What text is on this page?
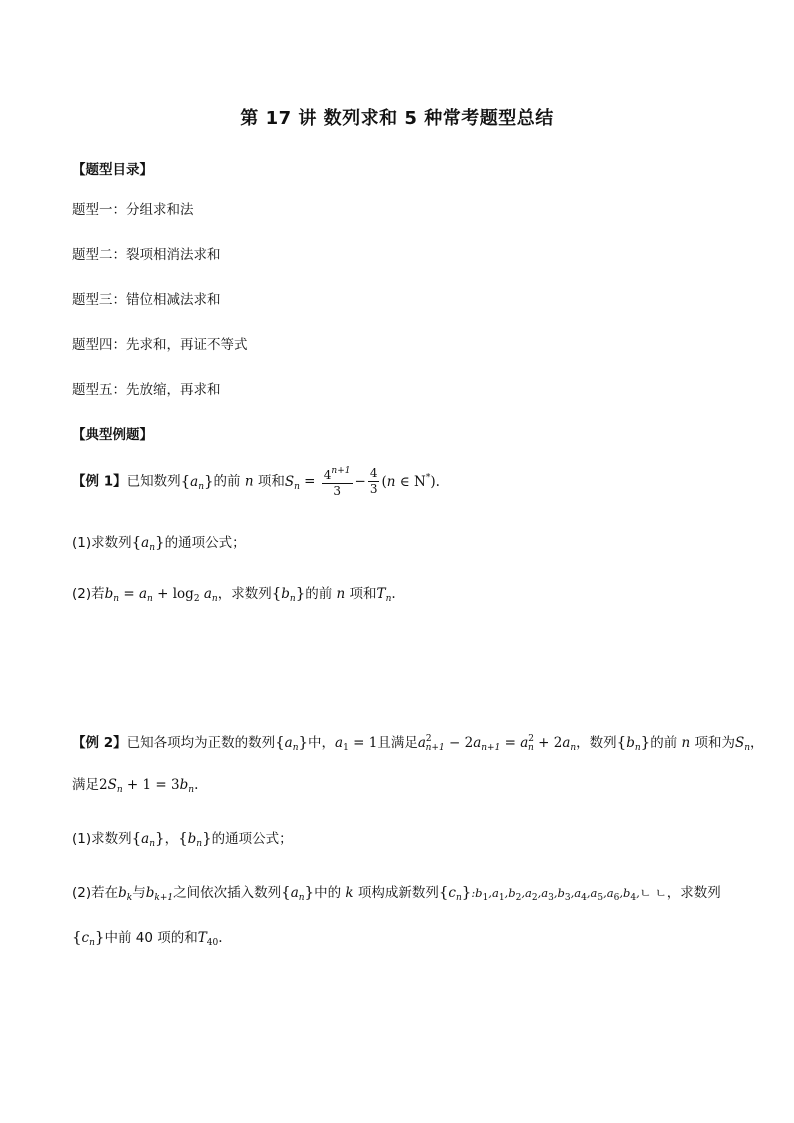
第 17 讲 数列求和 5 种常考题型总结
【题型目录】
题型一：分组求和法
题型二：裂项相消法求和
题型三：错位相减法求和
题型四：先求和，再证不等式
题型五：先放缩，再求和
【典型例题】
【例 1】已知数列$\{a_n\}$的前 n 项和$S_n = \frac{4^{n+1}}{3} - \frac{4}{3} (n$ ∈ N*).
(1)求数列$\{a_n\}$的通项公式；
(2)若$b_n = a_n + \log_2 a_n$，求数列$\{b_n\}$的前 n 项和$T_n$.
【例 2】已知各项均为正数的数列$\{a_n\}$中，$a_1 = 1$且满足$a^2_{n+1} - 2a_{n+1} = a^2_n + 2a_n$，数列$\{b_n\}$的前 n 项和为$S_n$，
满足$2S_n + 1 = 3b_n$.
(1)求数列$\{a_n\}$，$\{b_n\}$的通项公式；
(2)若在$b_k$与$b_{k+1}$之间依次插入数列$\{a_n\}$中的 k 项构成新数列$\{c_n\}:b_1,a_1,b_2,a_2,a_3,b_3,a_4,a_5,a_6,b_4$,ㄴ ㄴ，求数列
$\{c_n\}$中前 40 项的和$T_{40}$.
